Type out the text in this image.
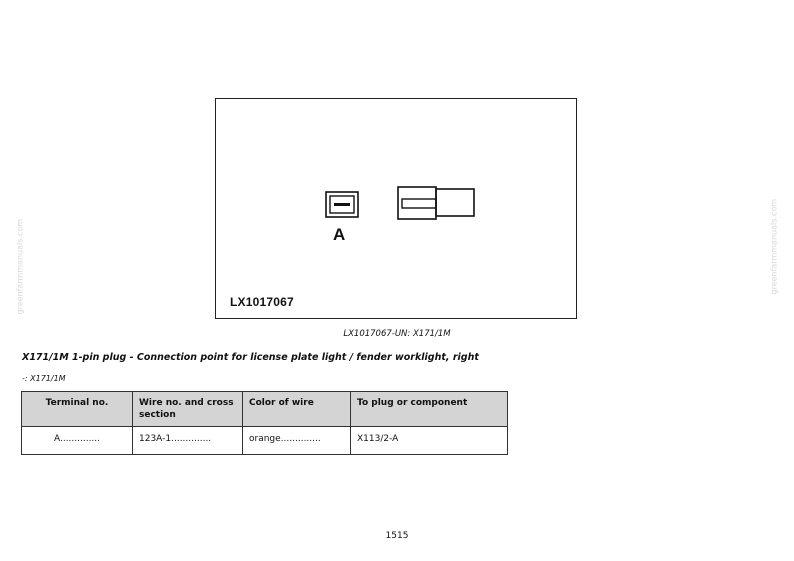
greenfarmmanuals.com	greenfarmmanuals.com
A
LX1017067
LX1017067-UN: X171/1M
X171/1M 1-pin plug - Connection point for license plate light / fender worklight, right
-: X171/1M
Terminal no.	Wire no. and cross section	Color of wire	To plug or component
A..............	123A-1..............	orange..............	X113/2-A
1515
